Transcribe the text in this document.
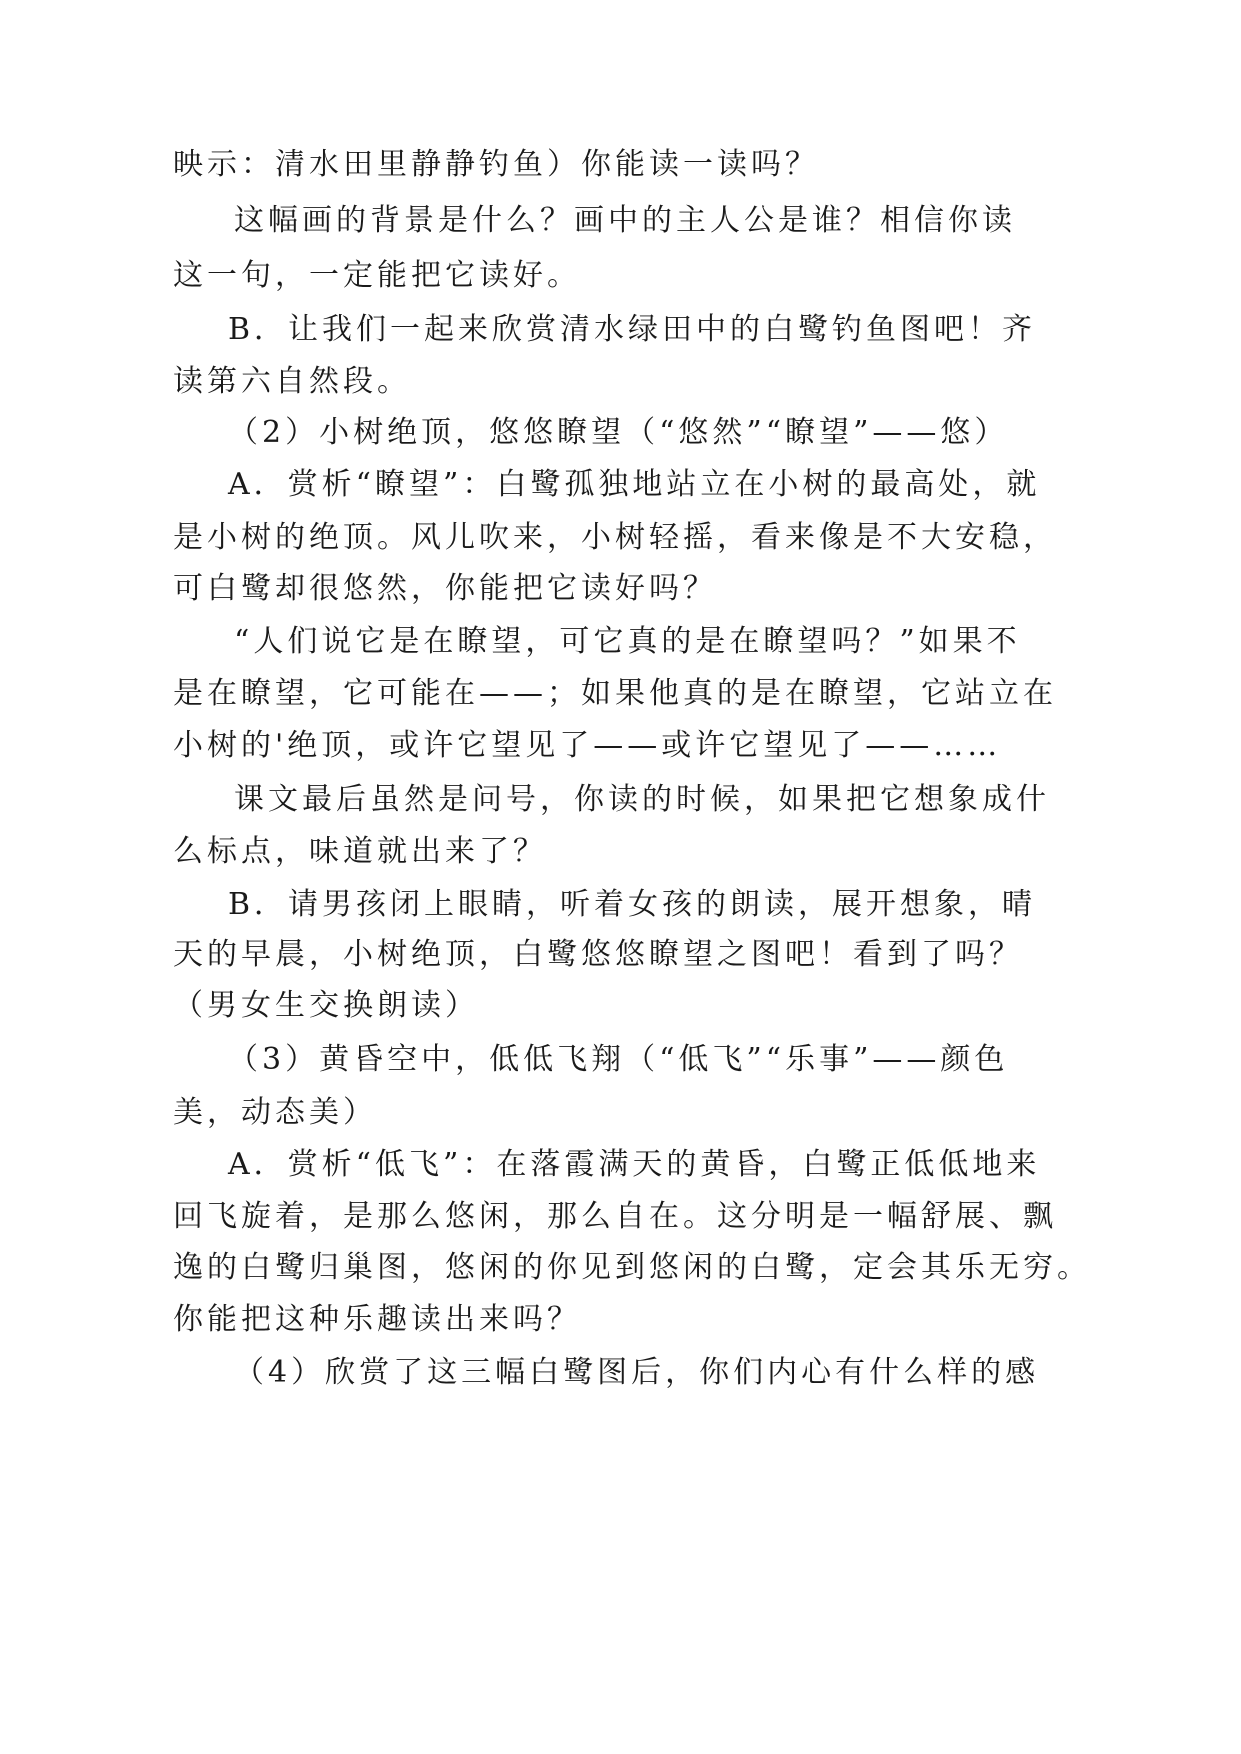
映示：清水田里静静钓鱼）你能读一读吗？
这幅画的背景是什么？画中的主人公是谁？相信你读
这一句，一定能把它读好。
B．让我们一起来欣赏清水绿田中的白鹭钓鱼图吧！齐
读第六自然段。
（2）小树绝顶，悠悠瞭望（“悠然”“瞭望”——悠）
A．赏析“瞭望”：白鹭孤独地站立在小树的最高处，就
是小树的绝顶。风儿吹来，小树轻摇，看来像是不大安稳，
可白鹭却很悠然，你能把它读好吗？
“人们说它是在瞭望，可它真的是在瞭望吗？”如果不
是在瞭望，它可能在——；如果他真的是在瞭望，它站立在
小树的'绝顶，或许它望见了——或许它望见了——……
课文最后虽然是问号，你读的时候，如果把它想象成什
么标点，味道就出来了？
B．请男孩闭上眼睛，听着女孩的朗读，展开想象，晴
天的早晨，小树绝顶，白鹭悠悠瞭望之图吧！看到了吗？
（男女生交换朗读）
（3）黄昏空中，低低飞翔（“低飞”“乐事”——颜色
美，动态美）
A．赏析“低飞”：在落霞满天的黄昏，白鹭正低低地来
回飞旋着，是那么悠闲，那么自在。这分明是一幅舒展、飘
逸的白鹭归巢图，悠闲的你见到悠闲的白鹭，定会其乐无穷。
你能把这种乐趣读出来吗？
（4）欣赏了这三幅白鹭图后，你们内心有什么样的感
